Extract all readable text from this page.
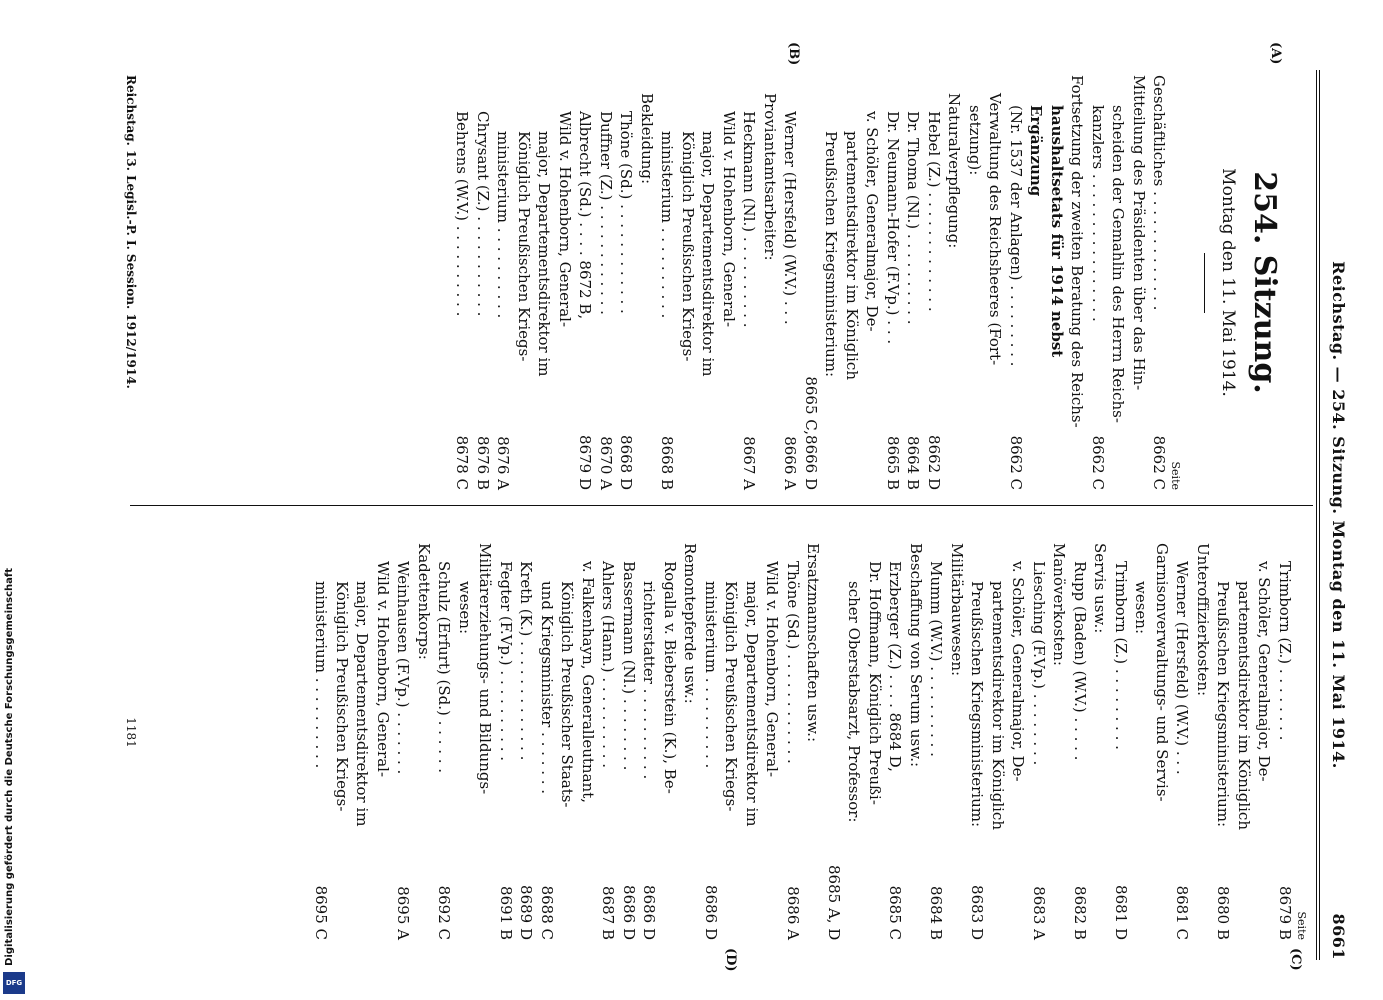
Reichstag. — 254. Sitzung. Montag den 11. Mai 1914.
8661
(A)
(B)
(C)
(D)
254. Sitzung.
Montag den 11. Mai 1914.
Seite
Geschäftliches . . . . . . . . . . . . .
8662 C
Mitteilung des Präsidenten über das Hin-
scheiden der Gemahlin des Herrn Reichs-
kanzlers . . . . . . . . . . . . . . . .
8662 C
Fortsetzung der zweiten Beratung des Reichs-
haushaltsetats für 1914 nebst Ergänzung
(Nr. 1537 der Anlagen) . . . . . . . . .
8662 C
Verwaltung des Reichsheeres (Fort-
setzung):
Naturalverpflegung:
Hebel (Z.) . . . . . . . . . . . . .
8662 D
Dr. Thoma (Nl.) . . . . . . . . . .
8664 B
Dr. Neumann-Hofer (F.Vp.) . . .
8665 B
v. Schöler, Generalmajor, De-
partementsdirektor im Königlich
Preußischen Kriegsministerium:
8665 C,
8666 D
Werner (Hersfeld) (W.V.) . . .
8666 A
Proviantamtsarbeiter:
Heckmann (Nl.) . . . . . . . . . .
8667 A
Wild v. Hohenborn, General-
major, Departementsdirektor im
Königlich Preußischen Kriegs-
ministerium . . . . . . . . . .
8668 B
Bekleidung:
Thöne (Sd.) . . . . . . . . . . . .
8668 D
Duffner (Z.) . . . . . . . . . . . .
8670 A
Albrecht (Sd.) . . . . 8672 B,
8679 D
Wild v. Hohenborn, General-
major, Departementsdirektor im
Königlich Preußischen Kriegs-
ministerium . . . . . . . . . .
8676 A
Chrysant (Z.) . . . . . . . . . . .
8676 B
Behrens (W.V.) . . . . . . . . . .
8678 C
Seite
Trimborn (Z.) . . . . . . . .
8679 B
v. Schöler, Generalmajor, De-
partementsdirektor im Königlich
Preußischen Kriegsministerium:
8680 B
Unteroffizierkosten:
Werner (Hersfeld) (W.V.) . . .
8681 C
Garnisonverwaltungs- und Servis-
wesen:
Trimborn (Z.) . . . . . . . . .
8681 D
Servis usw.:
Rupp (Baden) (W.V.) . . . . .
8682 B
Manöverkosten:
Liesching (F.Vp.) . . . . . . . .
8683 A
v. Schöler, Generalmajor, De-
partementsdirektor im Königlich
Preußischen Kriegsministerium:
8683 D
Militärbauwesen:
Mumm (W.V.) . . . . . . . . . .
8684 B
Beschaffung von Serum usw.:
Erzberger (Z.) . . . . 8684 D,
8685 C
Dr. Hoffmann, Königlich Preußi-
scher Oberstabsarzt, Professor:
8685 A, D
Ersatzmannschaften usw.:
Thöne (Sd.) . . . . . . . . . . . .
8686 A
Wild v. Hohenborn, General-
major, Departementsdirektor im
Königlich Preußischen Kriegs-
ministerium . . . . . . . . . .
8686 D
Remontepferde usw.:
Rogalla v. Bieberstein (K.), Be-
richterstatter . . . . . . . . . .
8686 D
Bassermann (Nl.) . . . . . . . .
8686 D
Ahlers (Hann.) . . . . . . . . . .
8687 B
v. Falkenhayn, Generalleutnant,
Königlich Preußischer Staats-
und Kriegsminister . . . . . . .
8688 C
Kreth (K.) . . . . . . . . . . . . .
8689 D
Fegter (F.Vp.) . . . . . . . . . .
8691 B
Militärerziehungs- und Bildungs-
wesen:
Schulz (Erfurt) (Sd.) . . . . . .
8692 C
Kadettenkorps:
Weinhausen (F.Vp.) . . . . . . .
8695 A
Wild v. Hohenborn, General-
major, Departementsdirektor im
Königlich Preußischen Kriegs-
ministerium . . . . . . . . . .
8695 C
Reichstag. 13. Legisl.-P. I. Session. 1912/1914.
1181
Digitalisierung gefördert durch die Deutsche Forschungsgemeinschaft
DFG
